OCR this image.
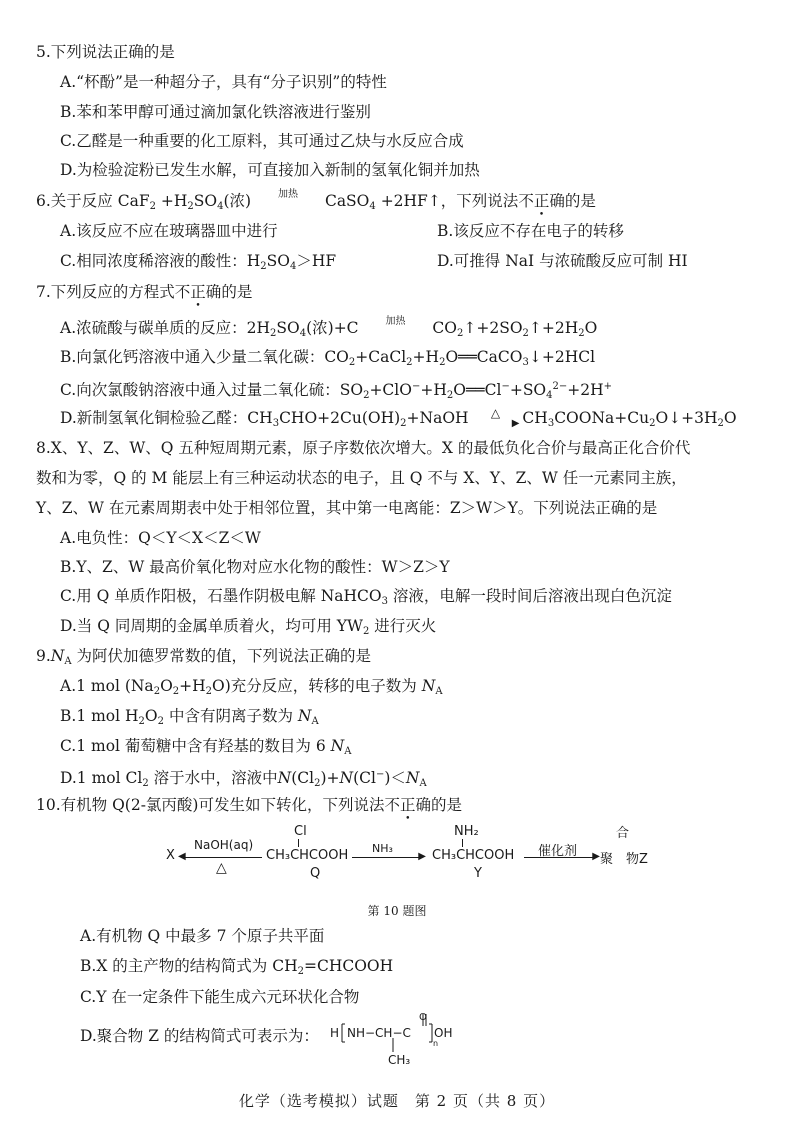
5.下列说法正确的是
A.“杯酚”是一种超分子，具有“分子识别”的特性
B.苯和苯甲醇可通过滴加氯化铁溶液进行鉴别
C.乙醛是一种重要的化工原料，其可通过乙炔与水反应合成
D.为检验淀粉已发生水解，可直接加入新制的氢氧化铜并加热
6.关于反应 $CaF_2 +H_2SO_4$(浓)	加热	CaSO$_4$ +2HF↑，下列说法不正确的是
A.该反应不应在玻璃器皿中进行	B.该反应不存在电子的转移
C.相同浓度稀溶液的酸性：$H_2SO_4>HF$	D.可推得 NaI 与浓硫酸反应可制 HI
7.下列反应的方程式不正确的是
A.浓硫酸与碳单质的反应：$2H_2SO_4$(浓)+C	加热	$CO_2↑+2SO_2↑+2H_2O$
B.向氯化钙溶液中通入少量二氧化碳：$CO_2+CaCl_2+H_2O══CaCO_3↓+2HCl$
C.向次氯酸钠溶液中通入过量二氧化硫：$SO_2+ClO^-+H_2O══Cl^-+SO_4^{2-}+2H^+$
D.新制氢氧化铜检验乙醛：$CH_3CHO+2Cu(OH)_2+NaOH$	△
▶ $CH_3COONa+Cu_2O↓+3H_2O$
8.X、Y、Z、W、Q 五种短周期元素，原子序数依次增大。X 的最低负化合价与最高正化合价代
数和为零，Q 的 M 能层上有三种运动状态的电子，且 Q 不与 X、Y、Z、W 任一元素同主族，
Y、Z、W 在元素周期表中处于相邻位置，其中第一电离能：Z＞W＞Y。下列说法正确的是
A.电负性：Q＜Y＜X＜Z＜W
B.Y、Z、W 最高价氧化物对应水化物的酸性：W＞Z＞Y
C.用 Q 单质作阳极，石墨作阴极电解 NaHCO$_3$ 溶液，电解一段时间后溶液出现白色沉淀
D.当 Q 同周期的金属单质着火，均可用 $YW_2$ 进行灭火
$9.N_A$ 为阿伏加德罗常数的值，下列说法正确的是
A.1 mol $(Na_2O_2+H_2O)$充分反应，转移的电子数为 $N_A$
B.1 mol $H_2O_2$ 中含有阴离子数为 $N_A$
C.1 mol 葡萄糖中含有羟基的数目为 6 $N_A$
D.1 mol $Cl_2$ 溶于水中，溶液中$N(Cl_2)+N(Cl^-)<N_A$
10.有机物 Q(2-氯丙酸)可发生如下转化，下列说法不正确的是
X ◀
NaOH(aq)
△
Cl
CH₃CHCOOH
Q
▶
NH₃
NH₂
CH₃CHCOOH
Y
▶
催化剂
合
聚　物Z
第 10 题图
A.有机物 Q 中最多 7 个原子共平面
B.X 的主产物的结构简式为 $CH_2=CHCOOH$
C.Y 在一定条件下能生成六元环状化合物
D.聚合物 Z 的结构简式可表示为： H NH−CH−C
O
OH
n
CH₃
化学（选考模拟）试题　第 2 页（共 8 页）
